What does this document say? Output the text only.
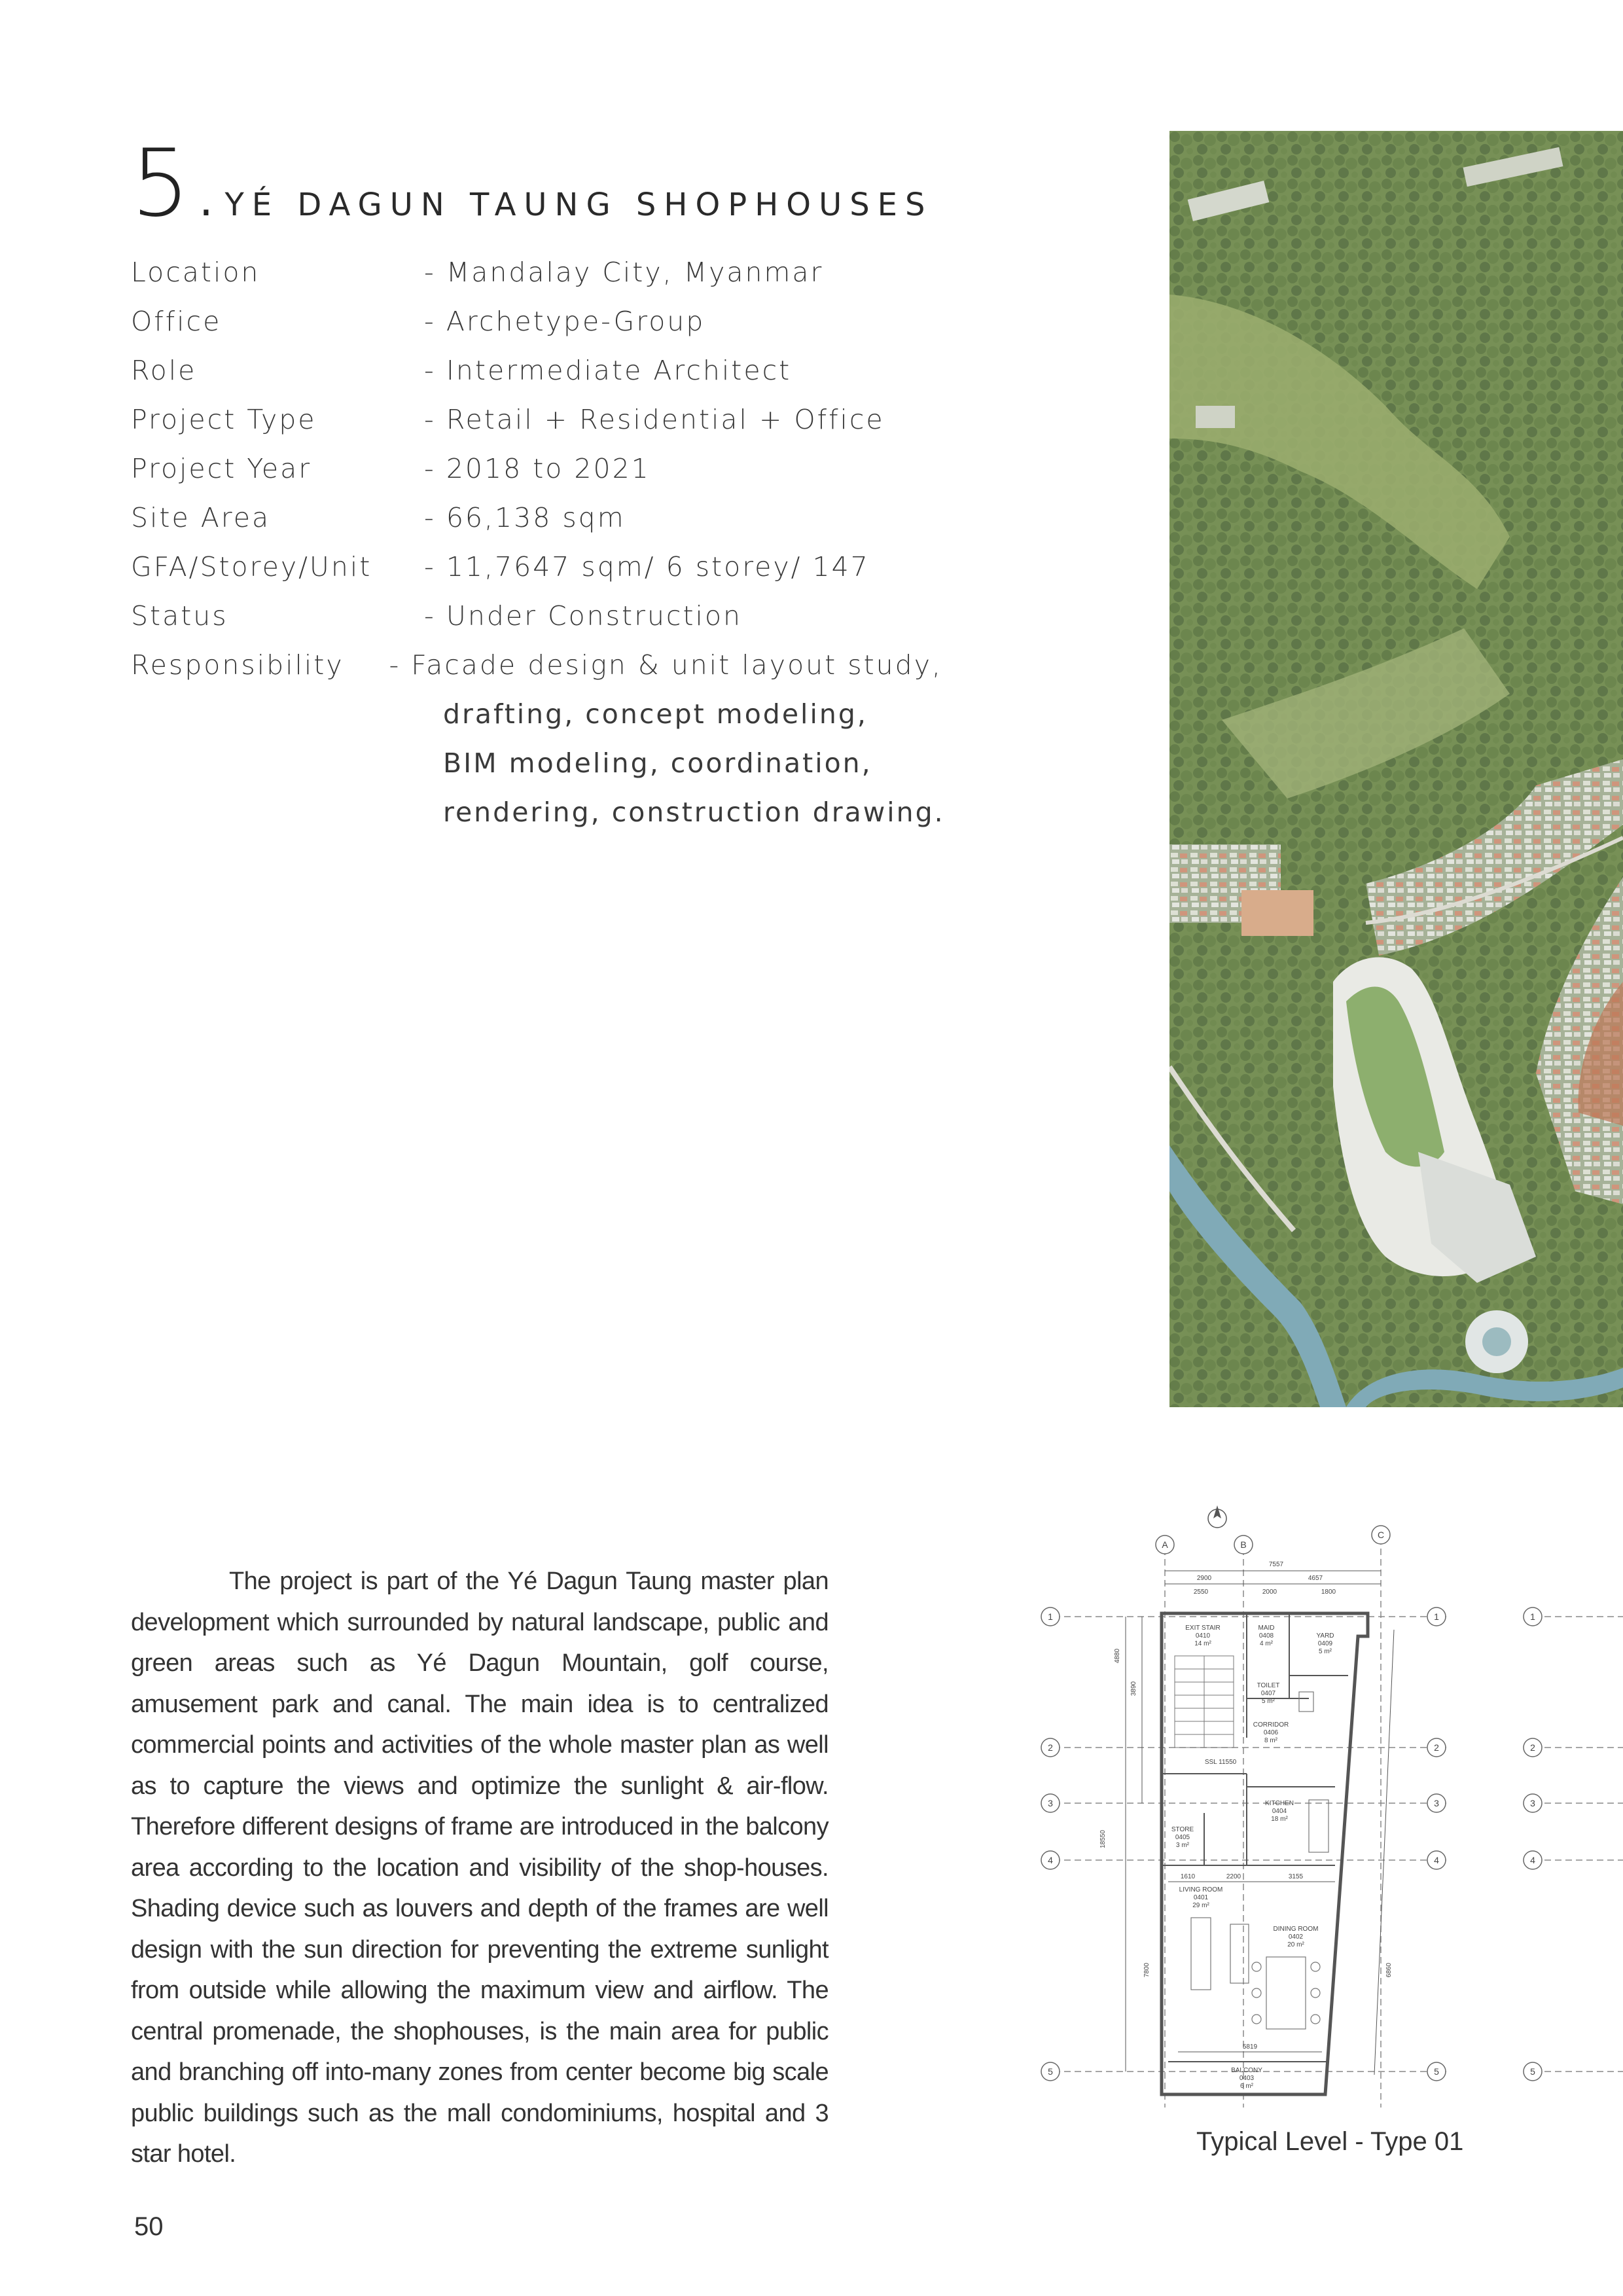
5.YÉ DAGUN TAUNG SHOPHOUSES
Location	- Mandalay City, Myanmar
Office	- Archetype-Group
Role	- Intermediate Architect
Project Type	- Retail + Residential + Office
Project Year	- 2018 to 2021
Site Area	- 66,138 sqm
GFA/Storey/Unit	- 11,7647 sqm/ 6 storey/ 147
Status	- Under Construction
Responsibility	- Facade design & unit layout study,
drafting, concept modeling,
BIM modeling, coordination,
rendering, construction drawing.
The project is part of the Yé Dagun Taung master plan development which surrounded by natural landscape, public and green areas such as Yé Dagun Mountain, golf course, amusement park and canal. The main idea is to centralized commercial points and activities of the whole master plan as well as to capture the views and optimize the sunlight & air-flow. Therefore different designs of frame are introduced in the balcony area according to the location and visibility of the shop-houses. Shading device such as louvers and depth of the frames are well design with the sun direction for preventing the extreme sunlight from outside while allowing the maximum view and airflow. The central promenade, the shophouses, is the main area for public and branching off into-many zones from center become big scale public buildings such as the mall condominiums, hospital and 3 star hotel.
A	B
C
1
2
3
4
5
1
2
3
4
5
1
2
3
4
5
7557
2900	4657
2550	2000	1800
4880
3890
18550
1610	2200	3155
5819
7800	6860
SSL 11550
EXIT STAIR
0410
14 m²
MAID
0408
4 m²
YARD
0409
5 m²
TOILET
0407
5 m²
CORRIDOR
0406
8 m²
KITCHEN
0404
18 m²
STORE
0405
3 m²
LIVING ROOM
0401
29 m²
DINING ROOM
0402
20 m²
BALCONY
0403
6 m²
Typical Level - Type 01
50
